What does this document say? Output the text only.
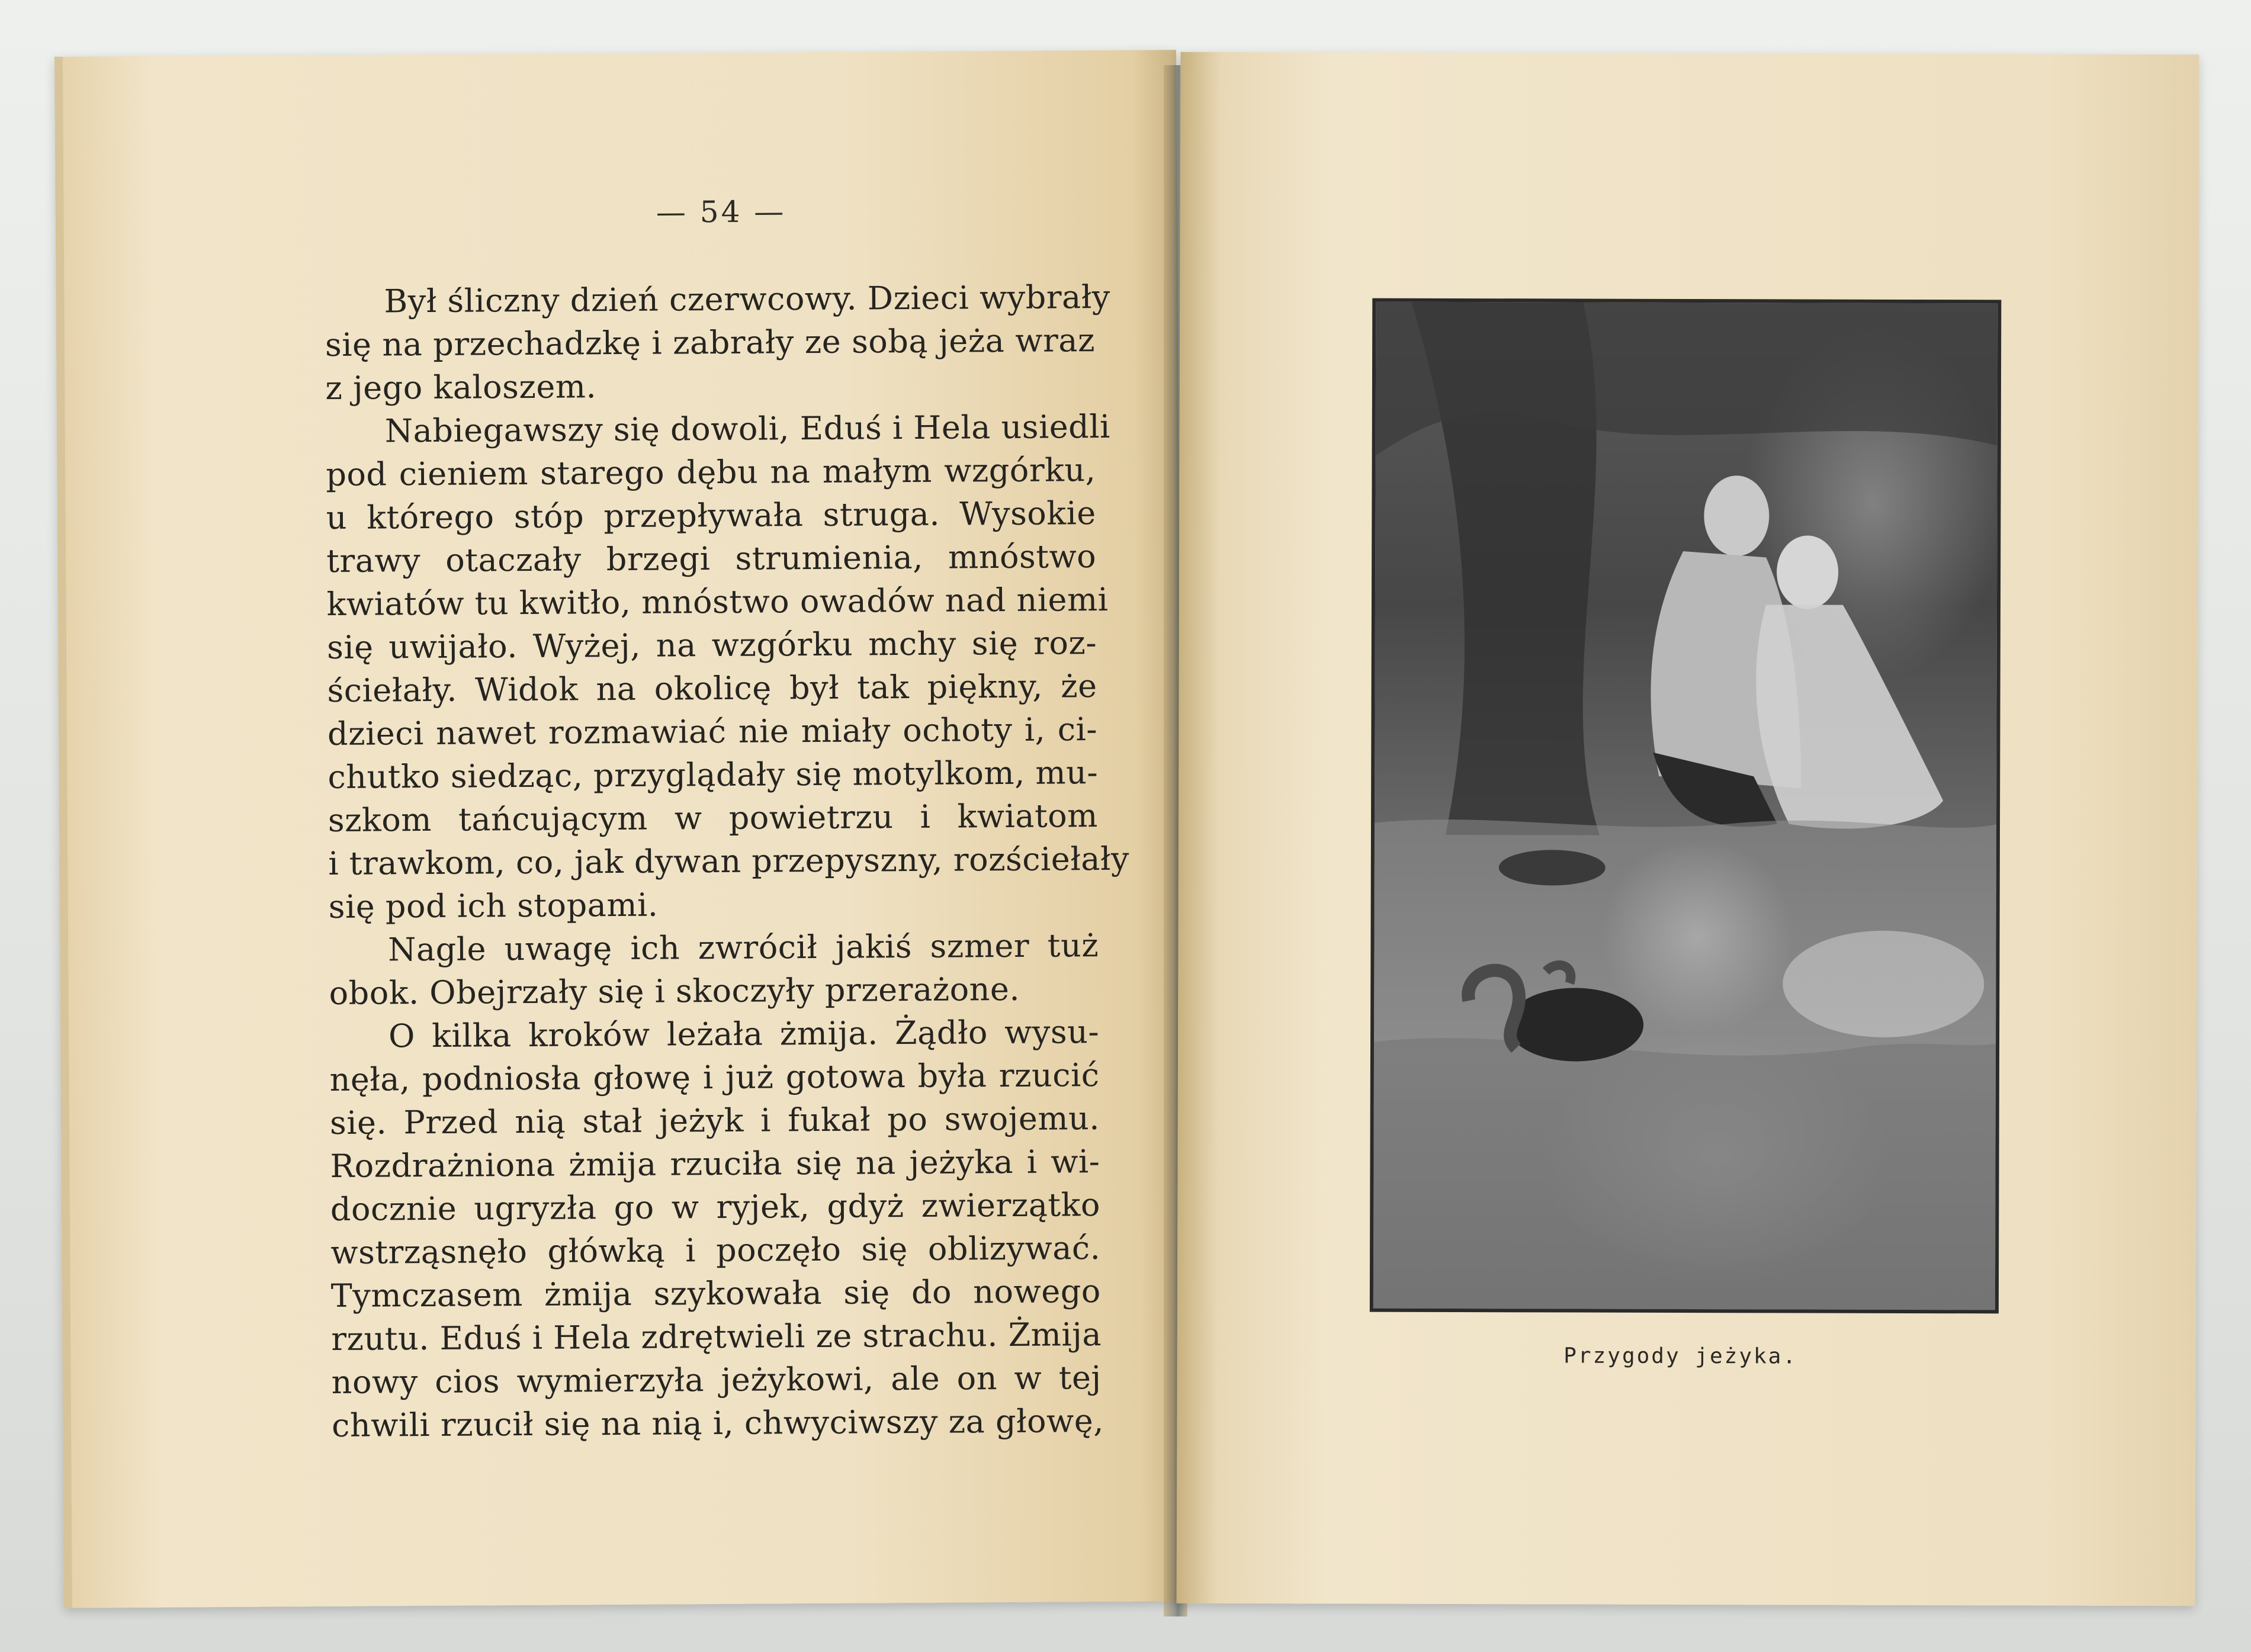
— 54 —
Był śliczny dzień czerwcowy. Dzieci wybrały
się na przechadzkę i zabrały ze sobą jeża wraz
z jego kaloszem.
Nabiegawszy się dowoli, Eduś i Hela usiedli
pod cieniem starego dębu na małym wzgórku,
u którego stóp przepływała struga. Wysokie
trawy otaczały brzegi strumienia, mnóstwo
kwiatów tu kwitło, mnóstwo owadów nad niemi
się uwijało. Wyżej, na wzgórku mchy się roz-
ściełały. Widok na okolicę był tak piękny, że
dzieci nawet rozmawiać nie miały ochoty i, ci-
chutko siedząc, przyglądały się motylkom, mu-
szkom tańcującym w powietrzu i kwiatom
i trawkom, co, jak dywan przepyszny, rozściełały
się pod ich stopami.
Nagle uwagę ich zwrócił jakiś szmer tuż
obok. Obejrzały się i skoczyły przerażone.
O kilka kroków leżała żmija. Żądło wysu-
nęła, podniosła głowę i już gotowa była rzucić
się. Przed nią stał jeżyk i fukał po swojemu.
Rozdrażniona żmija rzuciła się na jeżyka i wi-
docznie ugryzła go w ryjek, gdyż zwierzątko
wstrząsnęło główką i poczęło się oblizywać.
Tymczasem żmija szykowała się do nowego
rzutu. Eduś i Hela zdrętwieli ze strachu. Żmija
nowy cios wymierzyła jeżykowi, ale on w tej
chwili rzucił się na nią i, chwyciwszy za głowę,
Przygody jeżyka.
